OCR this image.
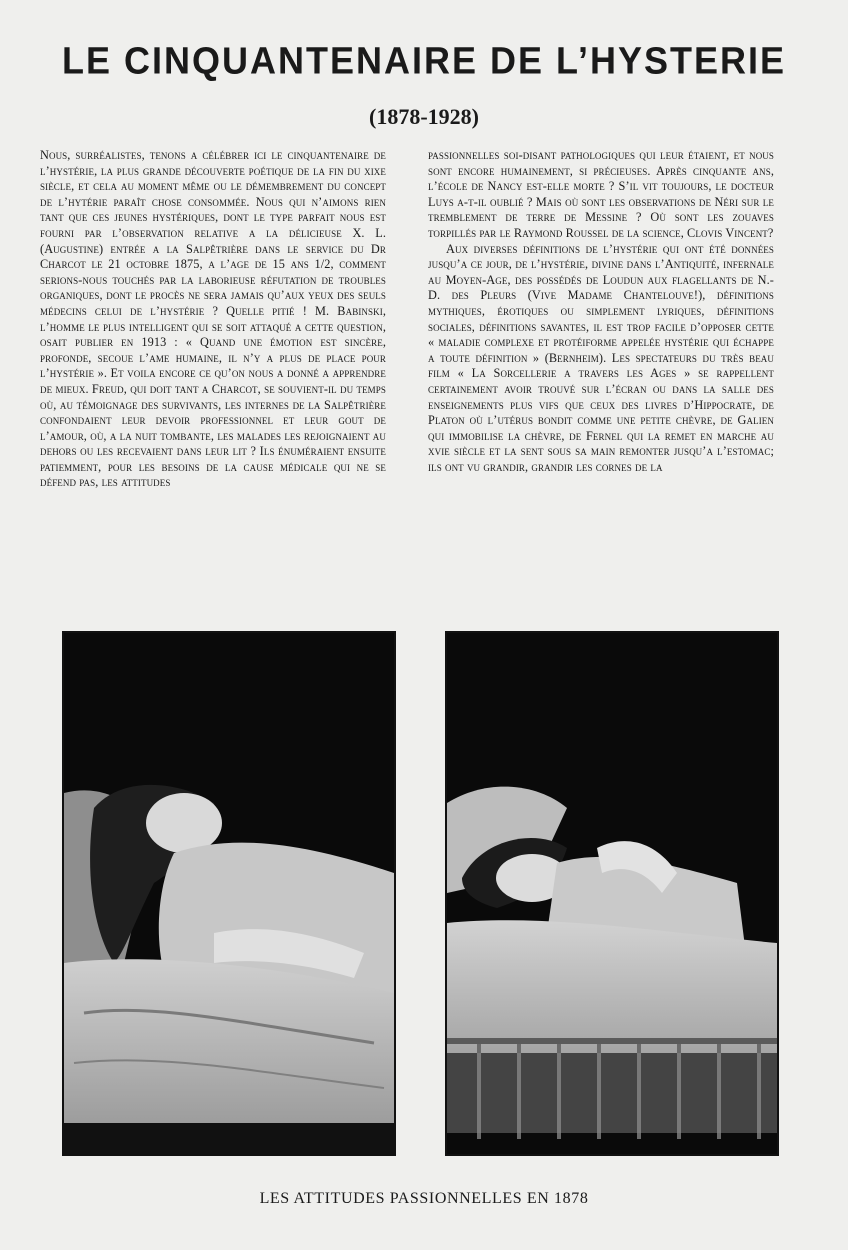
LE CINQUANTENAIRE DE L’HYSTERIE
(1878-1928)

Nous, surréalistes, tenons a célébrer ici le cinquantenaire de l’hystérie, la plus grande découverte poétique de la fin du xixe siècle, et cela au moment même ou le démembrement du concept de l’hytérie paraît chose consommée. Nous qui n’aimons rien tant que ces jeunes hystériques, dont le type parfait nous est fourni par l’observation relative a la délicieuse X. L. (Augustine) entrée a la Salpêtrière dans le service du Dr Charcot le 21 octobre 1875, a l’age de 15 ans 1/2, comment serions-nous touchés par la laborieuse réfutation de troubles organiques, dont le procès ne sera jamais qu’aux yeux des seuls médecins celui de l’hystérie ? Quelle pitié ! M. Babinski, l’homme le plus intelligent qui se soit attaqué a cette question, osait publier en 1913 : « Quand une émotion est sincère, profonde, secoue l’ame humaine, il n’y a plus de place pour l’hystérie ». Et voila encore ce qu’on nous a donné a apprendre de mieux. Freud, qui doit tant a Charcot, se souvient-il du temps où, au témoignage des survivants, les internes de la Salpêtrière confondaient leur devoir professionnel et leur gout de l’amour, où, a la nuit tombante, les malades les rejoignaient au dehors ou les recevaient dans leur lit ? Ils énuméraient ensuite patiemment, pour les besoins de la cause médicale qui ne se défend pas, les attitudes

passionnelles soi-disant pathologiques qui leur étaient, et nous sont encore humainement, si précieuses. Après cinquante ans, l’école de Nancy est-elle morte ? S’il vit toujours, le docteur Luys a-t-il oublié ? Mais où sont les observations de Néri sur le tremblement de terre de Messine ? Où sont les zouaves torpillés par le Raymond Roussel de la science, Clovis Vincent?

Aux diverses définitions de l’hystérie qui ont été données jusqu’a ce jour, de l’hystérie, divine dans l’Antiquité, infernale au Moyen-Age, des possédés de Loudun aux flagellants de N.-D. des Pleurs (Vive Madame Chantelouve!), définitions mythiques, érotiques ou simplement lyriques, définitions sociales, définitions savantes, il est trop facile d’opposer cette « maladie complexe et protéiforme appelée hystérie qui échappe a toute définition » (Bernheim). Les spectateurs du très beau film « La Sorcellerie a travers les Ages » se rappellent certainement avoir trouvé sur l’écran ou dans la salle des enseignements plus vifs que ceux des livres d’Hippocrate, de Platon où l’utérus bondit comme une petite chèvre, de Galien qui immobilise la chèvre, de Fernel qui la remet en marche au xvie siècle et la sent sous sa main remonter jusqu’a l’estomac; ils ont vu grandir, grandir les cornes de la

LES ATTITUDES PASSIONNELLES EN 1878
